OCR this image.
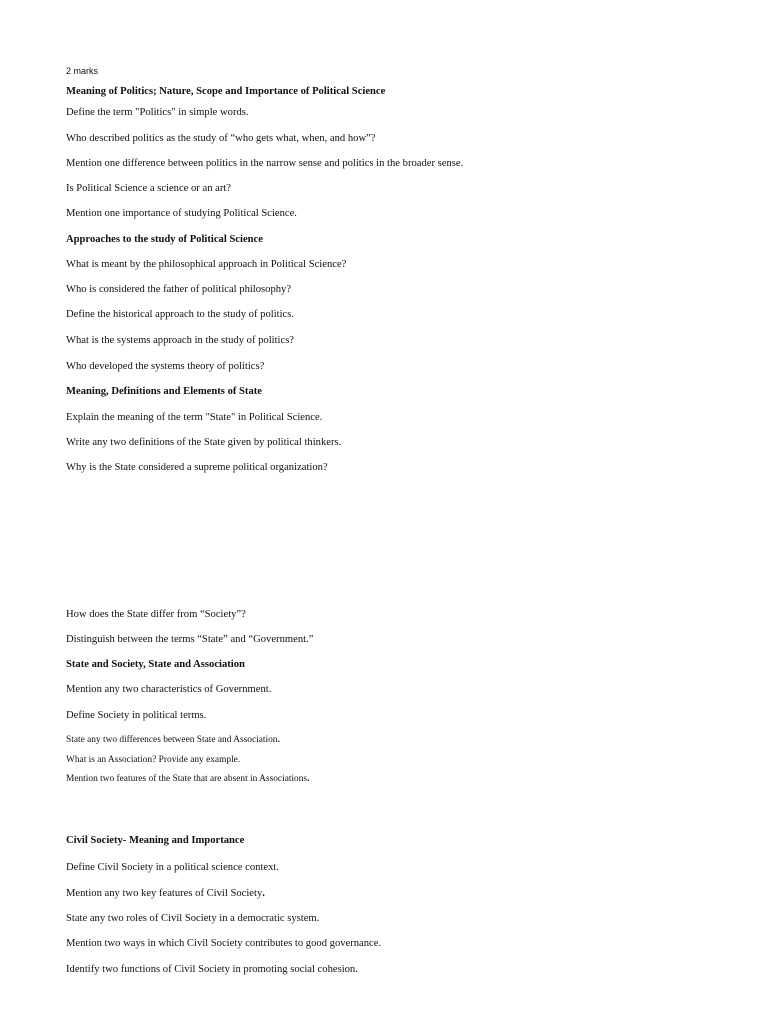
2 marks
Meaning of Politics; Nature, Scope and Importance of Political Science
Define the term "Politics" in simple words.
Who described politics as the study of “who gets what, when, and how”?
Mention one difference between politics in the narrow sense and politics in the broader sense.
Is Political Science a science or an art?
Mention one importance of studying Political Science.
Approaches to the study of Political Science
What is meant by the philosophical approach in Political Science?
Who is considered the father of political philosophy?
Define the historical approach to the study of politics.
What is the systems approach in the study of politics?
Who developed the systems theory of politics?
Meaning, Definitions and Elements of State
Explain the meaning of the term "State" in Political Science.
Write any two definitions of the State given by political thinkers.
Why is the State considered a supreme political organization?
How does the State differ from “Society”?
Distinguish between the terms “State” and “Government.”
State and Society, State and Association
Mention any two characteristics of Government.
Define Society in political terms.
State any two differences between State and Association.
What is an Association? Provide any example.
Mention two features of the State that are absent in Associations.
Civil Society- Meaning and Importance
Define Civil Society in a political science context.
Mention any two key features of Civil Society.
State any two roles of Civil Society in a democratic system.
Mention two ways in which Civil Society contributes to good governance.
Identify two functions of Civil Society in promoting social cohesion.
